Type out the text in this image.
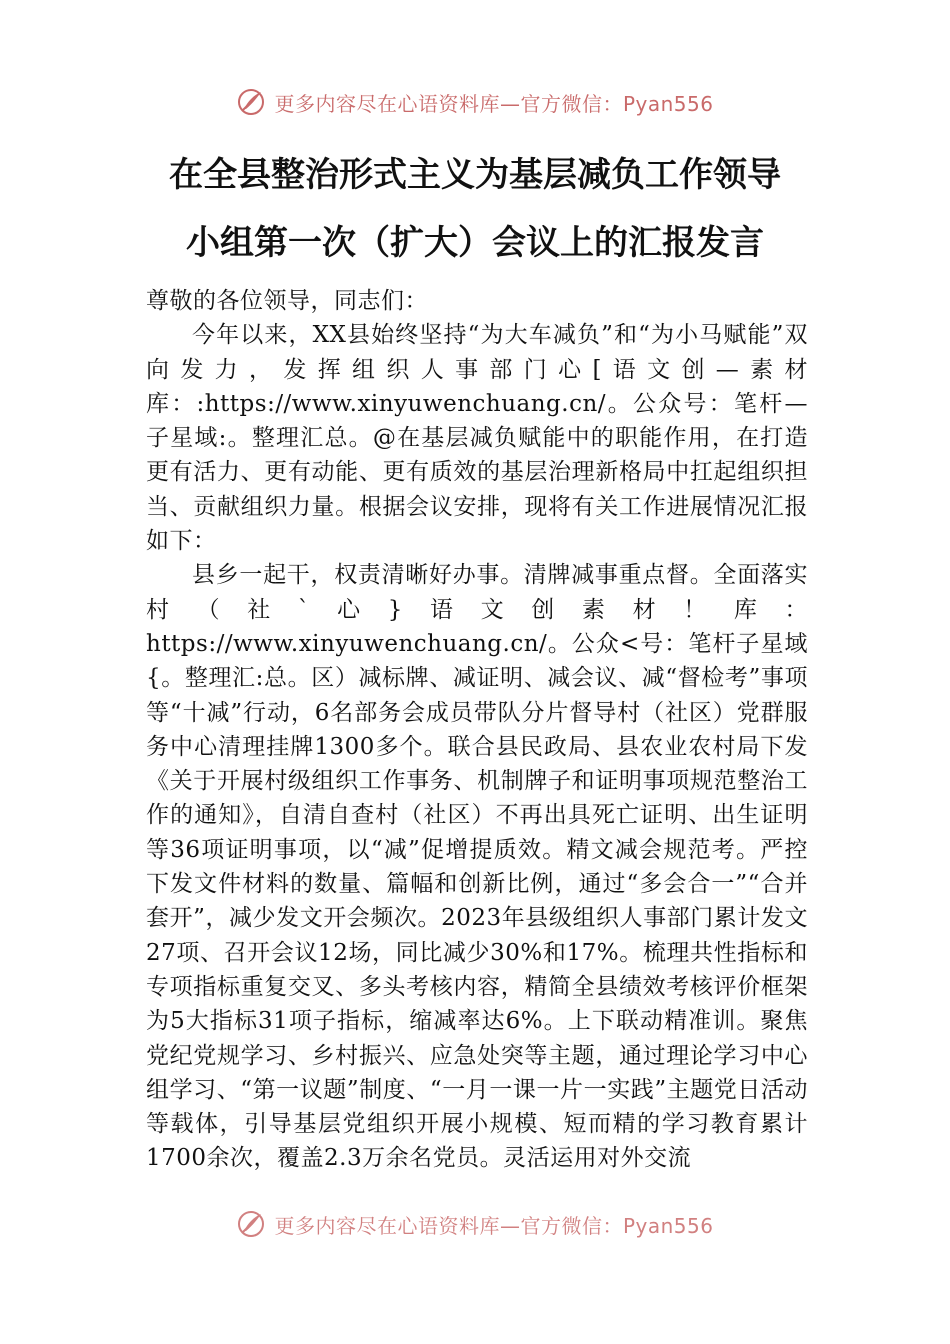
更多内容尽在心语资料库—官方微信：Pyan556
在全县整治形式主义为基层减负工作领导
小组第一次（扩大）会议上的汇报发言

尊敬的各位领导，同志们：

今年以来，XX县始终坚持“为大车减负”和“为小马赋能”双向发力，发挥组织人事部门心[语文创—素材库：:https://www.xinyuwenchuang.cn/。公众号：笔杆—子星域:。整理汇总。@在基层减负赋能中的职能作用，在打造更有活力、更有动能、更有质效的基层治理新格局中扛起组织担当、贡献组织力量。根据会议安排，现将有关工作进展情况汇报如下：

县乡一起干，权责清晰好办事。清牌减事重点督。全面落实村（社`心}语文创素材！库：https://www.xinyuwenchuang.cn/。公众<号：笔杆子星域{。整理汇:总。区）减标牌、减证明、减会议、减“督检考”事项等“十减”行动，6名部务会成员带队分片督导村（社区）党群服务中心清理挂牌1300多个。联合县民政局、县农业农村局下发《关于开展村级组织工作事务、机制牌子和证明事项规范整治工作的通知》，自清自查村（社区）不再出具死亡证明、出生证明等36项证明事项，以“减”促增提质效。精文减会规范考。严控下发文件材料的数量、篇幅和创新比例，通过“多会合一”“合并套开”，减少发文开会频次。2023年县级组织人事部门累计发文27项、召开会议12场，同比减少30%和17%。梳理共性指标和专项指标重复交叉、多头考核内容，精简全县绩效考核评价框架为5大指标31项子指标，缩减率达6%。上下联动精准训。聚焦党纪党规学习、乡村振兴、应急处突等主题，通过理论学习中心组学习、“第一议题”制度、“一月一课一片一实践”主题党日活动等载体，引导基层党组织开展小规模、短而精的学习教育累计1700余次，覆盖2.3万余名党员。灵活运用对外交流

更多内容尽在心语资料库—官方微信：Pyan556
